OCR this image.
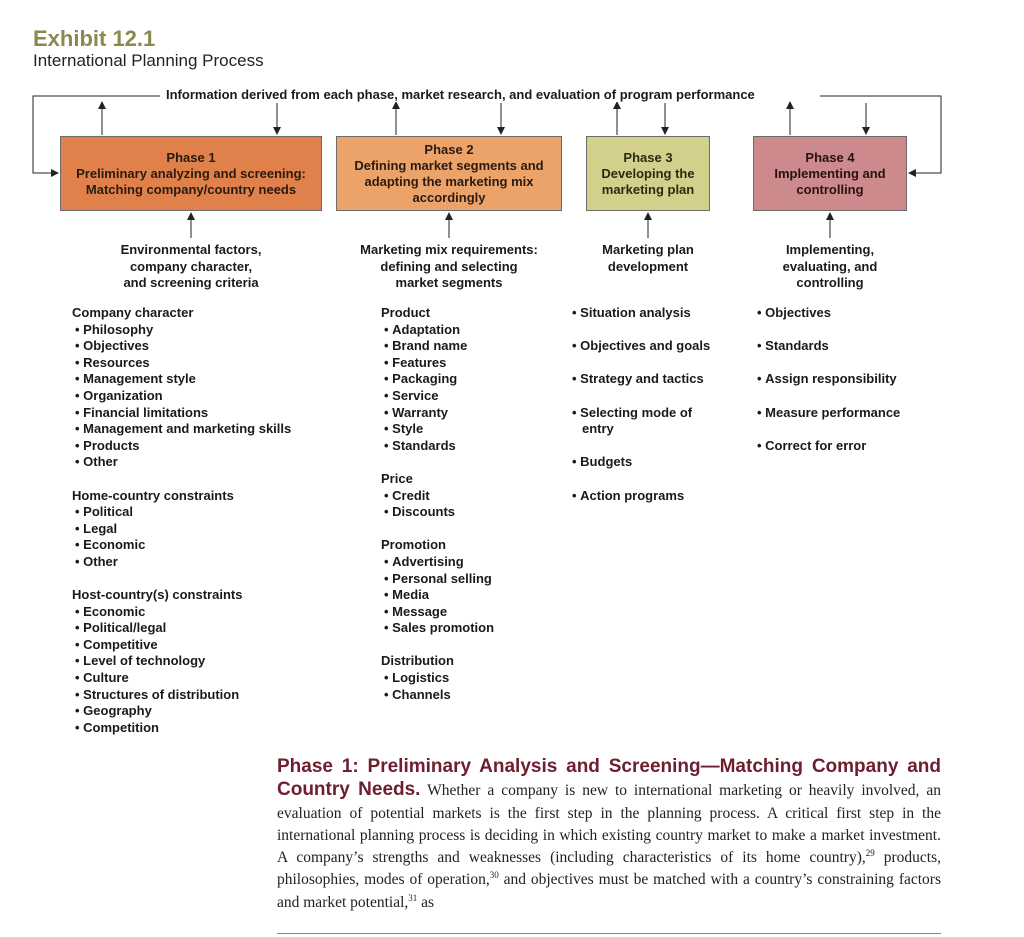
Exhibit 12.1
International Planning Process
Information derived from each phase, market research, and evaluation of program performance
Phase 1
Preliminary analyzing and screening:
Matching company/country needs
Phase 2
Defining market segments and
adapting the marketing mix
accordingly
Phase 3
Developing the
marketing plan
Phase 4
Implementing and
controlling
Environmental factors,
company character,
and screening criteria
Marketing mix requirements:
defining and selecting
market segments
Marketing plan
development
Implementing,
evaluating, and
controlling
Company character
• Philosophy
• Objectives
• Resources
• Management style
• Organization
• Financial limitations
• Management and marketing skills
• Products
• Other
Home-country constraints
• Political
• Legal
• Economic
• Other
Host-country(s) constraints
• Economic
• Political/legal
• Competitive
• Level of technology
• Culture
• Structures of distribution
• Geography
• Competition
Product
• Adaptation
• Brand name
• Features
• Packaging
• Service
• Warranty
• Style
• Standards
Price
• Credit
• Discounts
Promotion
• Advertising
• Personal selling
• Media
• Message
• Sales promotion
Distribution
• Logistics
• Channels
• Situation analysis
• Objectives and goals
• Strategy and tactics
• Selecting mode of entry
• Budgets
• Action programs
• Objectives
• Standards
• Assign responsibility
• Measure performance
• Correct for error
Phase 1: Preliminary Analysis and Screening—Matching Company and Country Needs. Whether a company is new to international marketing or heavily involved, an evaluation of potential markets is the first step in the planning process. A critical first step in the international planning process is deciding in which existing country market to make a market investment. A company’s strengths and weaknesses (including characteristics of its home country),$^{29}$ products, philosophies, modes of operation,$^{30}$ and objectives must be matched with a country’s constraining factors and market potential,$^{31}$ as
